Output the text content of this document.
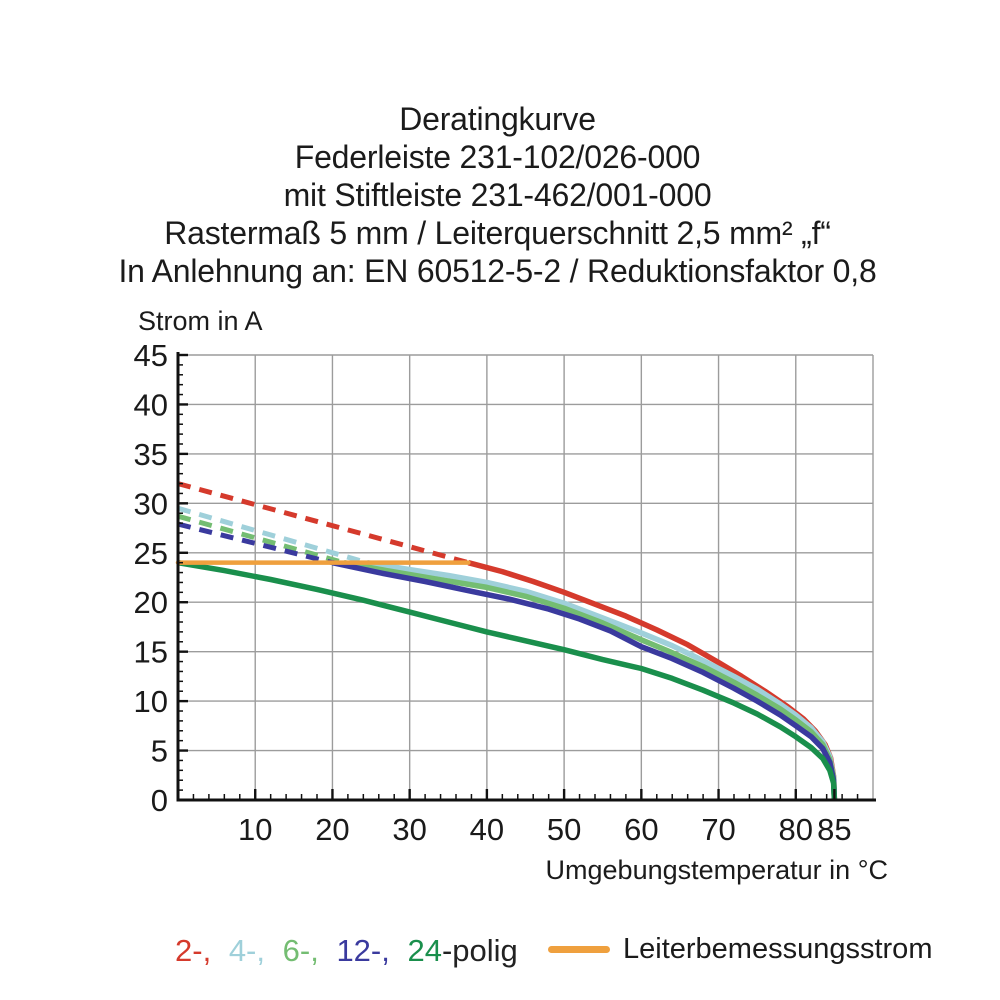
Deratingkurve
Federleiste 231-102/026-000
mit Stiftleiste 231-462/001-000
Rastermaß 5 mm / Leiterquerschnitt 2,5 mm² „f“
In Anlehnung an: EN 60512-5-2 / Reduktionsfaktor 0,8
Strom in A
10 20 30 40 50 60 70 80 85
0
5
10
15
20
25
30
35
40
45
Umgebungstemperatur in °C
2-, 4-, 6-, 12-, 24-polig	Leiterbemessungsstrom
